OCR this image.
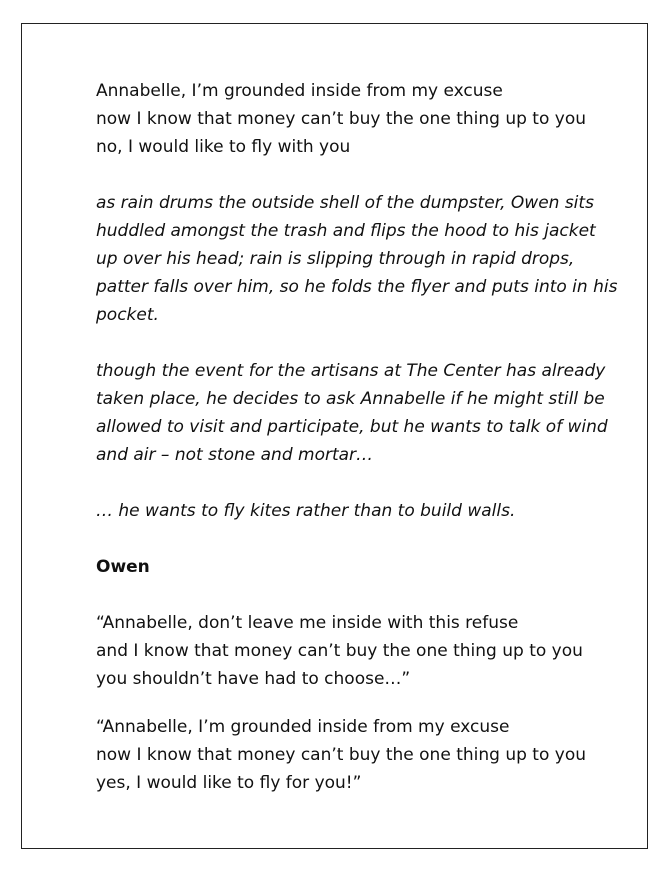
Annabelle, I’m grounded inside from my excuse
now I know that money can’t buy the one thing up to you
no, I would like to fly with you

as rain drums the outside shell of the dumpster, Owen sits
huddled amongst the trash and flips the hood to his jacket
up over his head; rain is slipping through in rapid drops,
patter falls over him, so he folds the flyer and puts into in his
pocket.

though the event for the artisans at The Center has already
taken place, he decides to ask Annabelle if he might still be
allowed to visit and participate, but he wants to talk of wind
and air – not stone and mortar…

… he wants to fly kites rather than to build walls.

Owen

“Annabelle, don’t leave me inside with this refuse
and I know that money can’t buy the one thing up to you
you shouldn’t have had to choose…”

“Annabelle, I’m grounded inside from my excuse
now I know that money can’t buy the one thing up to you
yes, I would like to fly for you!”
